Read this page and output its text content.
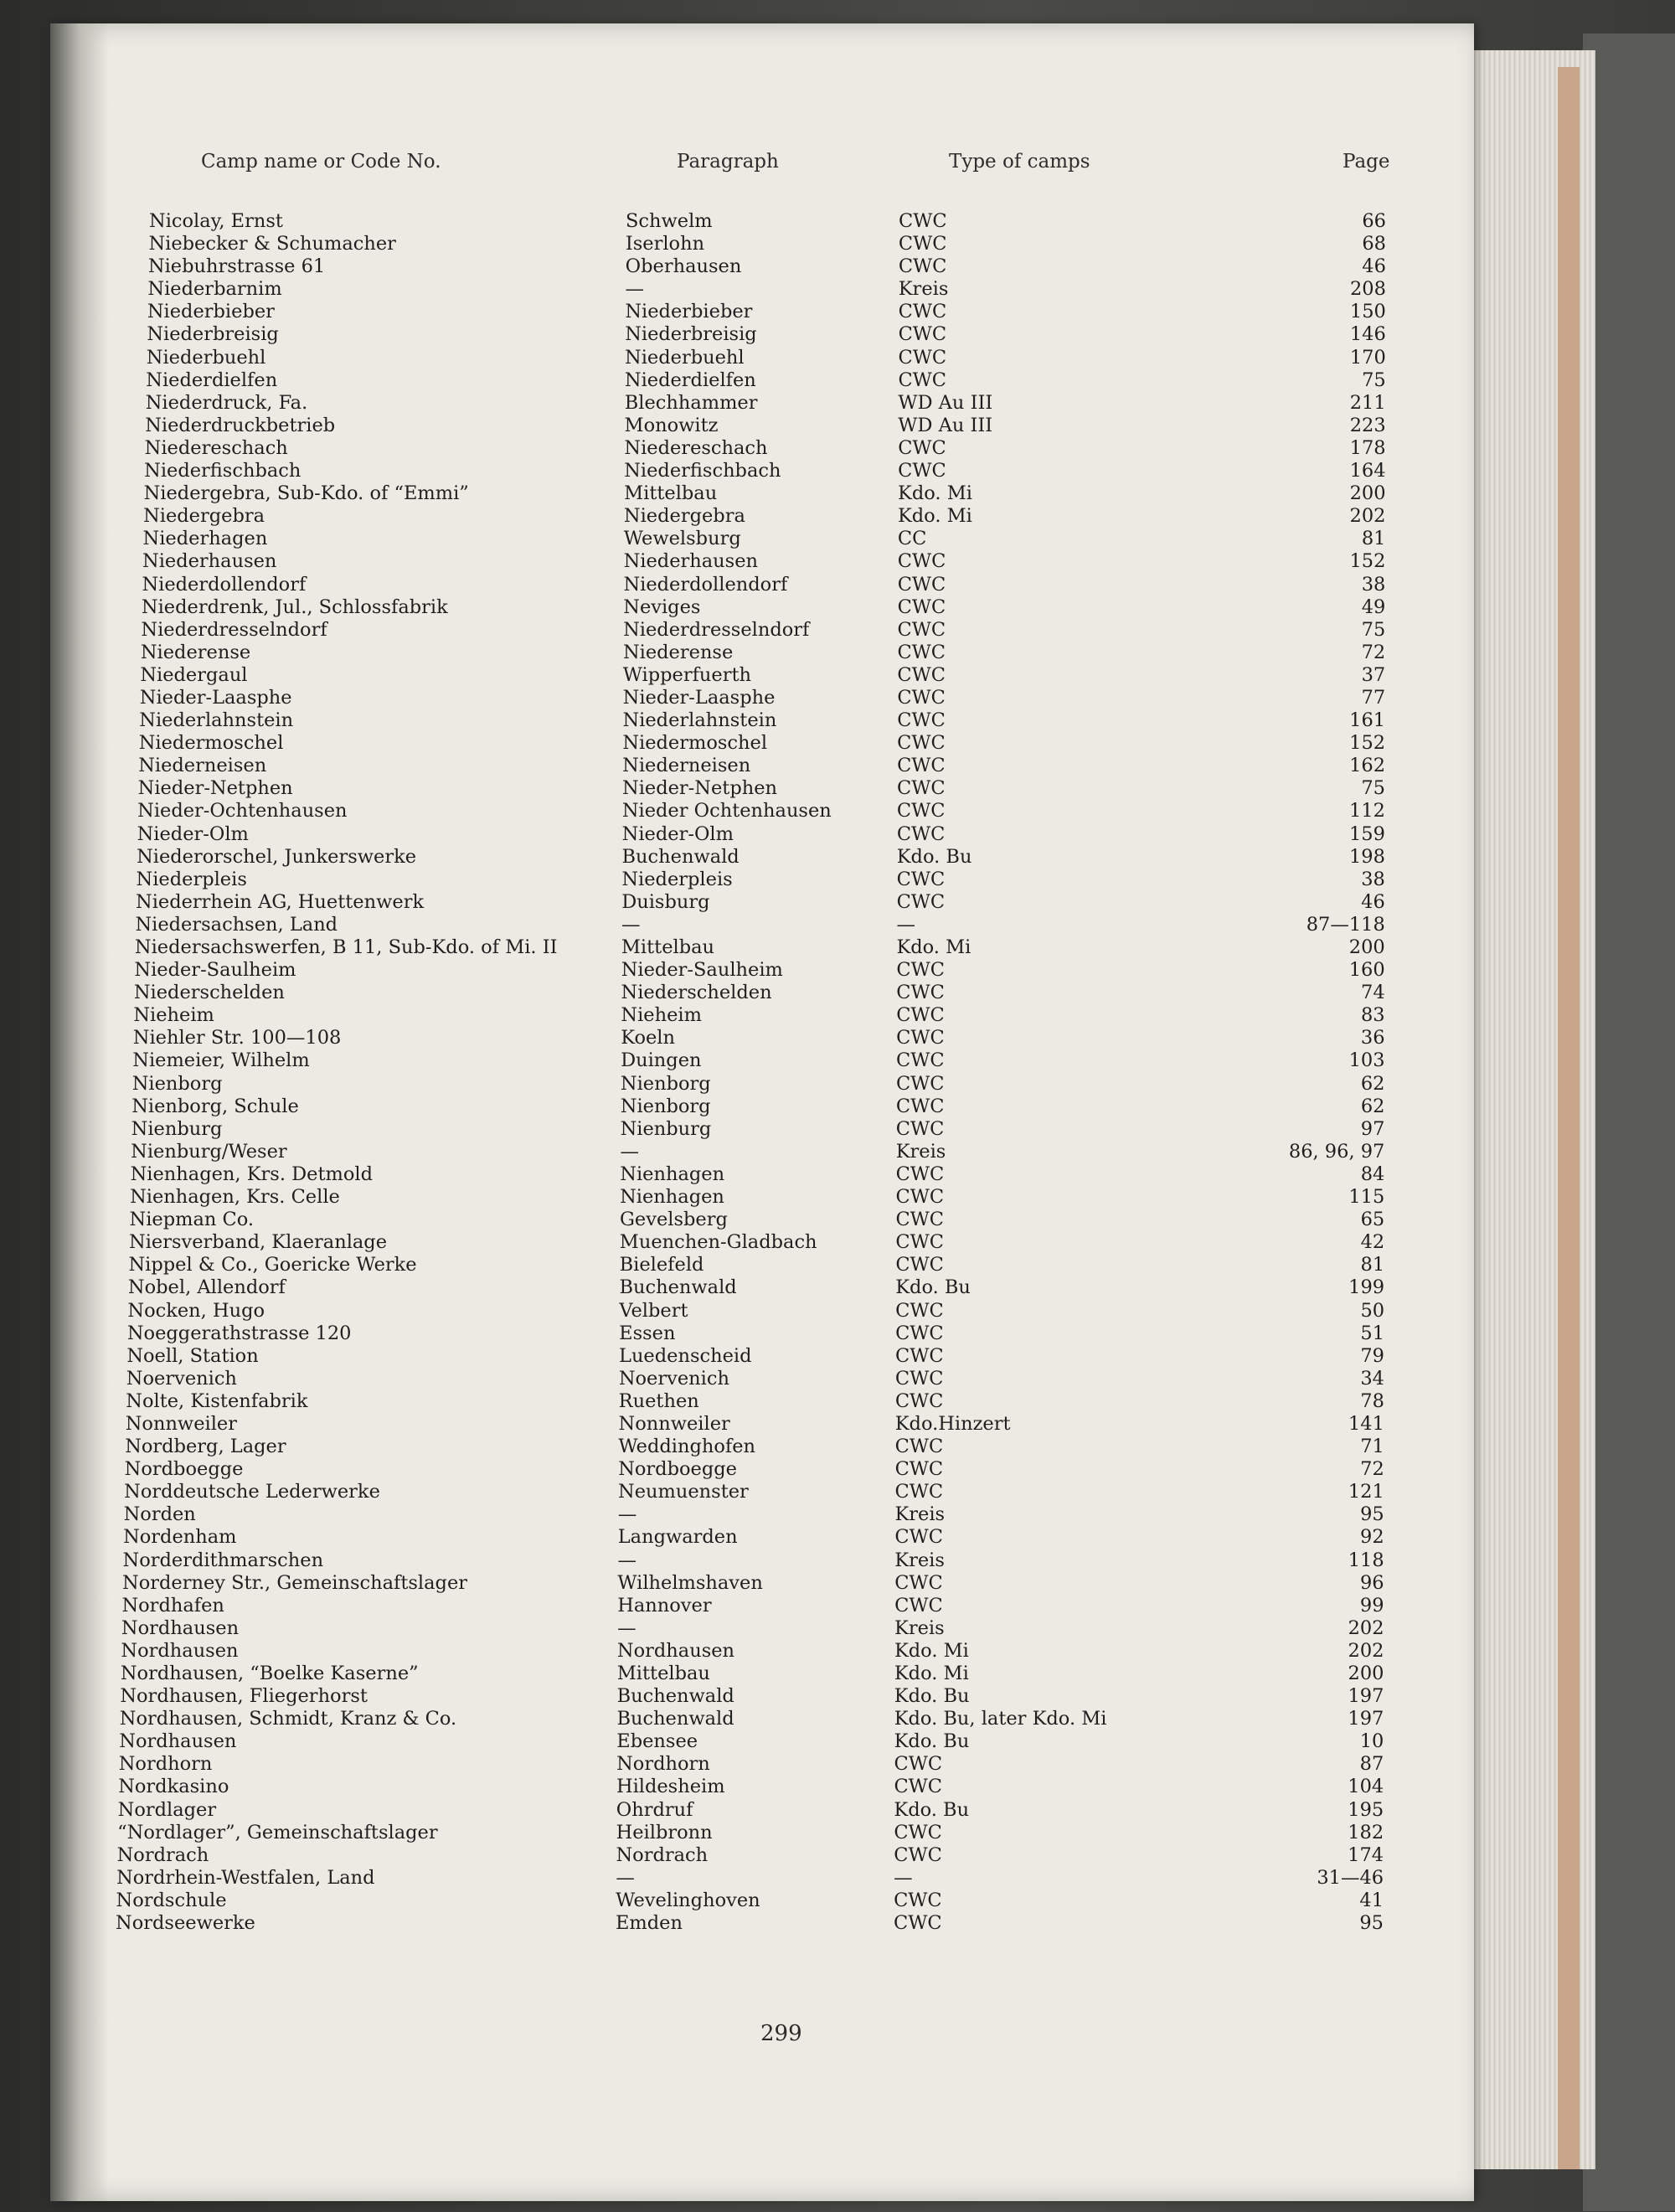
Camp name or Code No.	Paragraph	Type of camps	Page
Nicolay, Ernst	Schwelm	CWC	66
Niebecker & Schumacher	Iserlohn	CWC	68
Niebuhrstrasse 61	Oberhausen	CWC	46
Niederbarnim	—	Kreis	208
Niederbieber	Niederbieber	CWC	150
Niederbreisig	Niederbreisig	CWC	146
Niederbuehl	Niederbuehl	CWC	170
Niederdielfen	Niederdielfen	CWC	75
Niederdruck, Fa.	Blechhammer	WD Au III	211
Niederdruckbetrieb	Monowitz	WD Au III	223
Niedereschach	Niedereschach	CWC	178
Niederfischbach	Niederfischbach	CWC	164
Niedergebra, Sub-Kdo. of “Emmi”	Mittelbau	Kdo. Mi	200
Niedergebra	Niedergebra	Kdo. Mi	202
Niederhagen	Wewelsburg	CC	81
Niederhausen	Niederhausen	CWC	152
Niederdollendorf	Niederdollendorf	CWC	38
Niederdrenk, Jul., Schlossfabrik	Neviges	CWC	49
Niederdresselndorf	Niederdresselndorf	CWC	75
Niederense	Niederense	CWC	72
Niedergaul	Wipperfuerth	CWC	37
Nieder-Laasphe	Nieder-Laasphe	CWC	77
Niederlahnstein	Niederlahnstein	CWC	161
Niedermoschel	Niedermoschel	CWC	152
Niederneisen	Niederneisen	CWC	162
Nieder-Netphen	Nieder-Netphen	CWC	75
Nieder-Ochtenhausen	Nieder Ochtenhausen	CWC	112
Nieder-Olm	Nieder-Olm	CWC	159
Niederorschel, Junkerswerke	Buchenwald	Kdo. Bu	198
Niederpleis	Niederpleis	CWC	38
Niederrhein AG, Huettenwerk	Duisburg	CWC	46
Niedersachsen, Land	—	—	87—118
Niedersachswerfen, B 11, Sub-Kdo. of Mi. II	Mittelbau	Kdo. Mi	200
Nieder-Saulheim	Nieder-Saulheim	CWC	160
Niederschelden	Niederschelden	CWC	74
Nieheim	Nieheim	CWC	83
Niehler Str. 100—108	Koeln	CWC	36
Niemeier, Wilhelm	Duingen	CWC	103
Nienborg	Nienborg	CWC	62
Nienborg, Schule	Nienborg	CWC	62
Nienburg	Nienburg	CWC	97
Nienburg/Weser	—	Kreis	86, 96, 97
Nienhagen, Krs. Detmold	Nienhagen	CWC	84
Nienhagen, Krs. Celle	Nienhagen	CWC	115
Niepman Co.	Gevelsberg	CWC	65
Niersverband, Klaeranlage	Muenchen-Gladbach	CWC	42
Nippel & Co., Goericke Werke	Bielefeld	CWC	81
Nobel, Allendorf	Buchenwald	Kdo. Bu	199
Nocken, Hugo	Velbert	CWC	50
Noeggerathstrasse 120	Essen	CWC	51
Noell, Station	Luedenscheid	CWC	79
Noervenich	Noervenich	CWC	34
Nolte, Kistenfabrik	Ruethen	CWC	78
Nonnweiler	Nonnweiler	Kdo.Hinzert	141
Nordberg, Lager	Weddinghofen	CWC	71
Nordboegge	Nordboegge	CWC	72
Norddeutsche Lederwerke	Neumuenster	CWC	121
Norden	—	Kreis	95
Nordenham	Langwarden	CWC	92
Norderdithmarschen	—	Kreis	118
Norderney Str., Gemeinschaftslager	Wilhelmshaven	CWC	96
Nordhafen	Hannover	CWC	99
Nordhausen	—	Kreis	202
Nordhausen	Nordhausen	Kdo. Mi	202
Nordhausen, “Boelke Kaserne”	Mittelbau	Kdo. Mi	200
Nordhausen, Fliegerhorst	Buchenwald	Kdo. Bu	197
Nordhausen, Schmidt, Kranz & Co.	Buchenwald	Kdo. Bu, later Kdo. Mi	197
Nordhausen	Ebensee	Kdo. Bu	10
Nordhorn	Nordhorn	CWC	87
Nordkasino	Hildesheim	CWC	104
Nordlager	Ohrdruf	Kdo. Bu	195
“Nordlager”, Gemeinschaftslager	Heilbronn	CWC	182
Nordrach	Nordrach	CWC	174
Nordrhein-Westfalen, Land	—	—	31—46
Nordschule	Wevelinghoven	CWC	41
Nordseewerke	Emden	CWC	95
299
